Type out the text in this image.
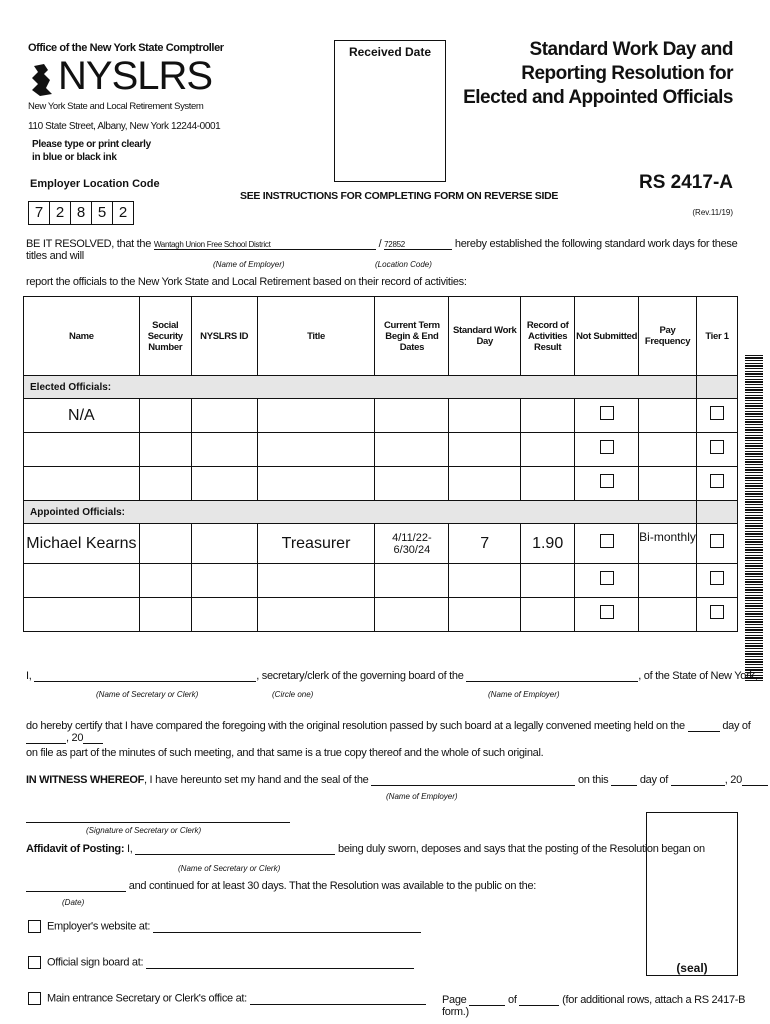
Office of the New York State Comptroller
NYSLRS
New York State and Local Retirement System
110 State Street, Albany, New York 12244-0001
Please type or print clearly
in blue or black ink
Received Date	Standard Work Day and
Reporting Resolution for
Elected and Appointed Officials
RS 2417-A
(Rev.11/19)
Employer Location Code
7 2 8 5 2
SEE INSTRUCTIONS FOR COMPLETING FORM ON REVERSE SIDE
BE IT RESOLVED, that the Wantagh Union Free School District	/ 72852	hereby established the following standard work days for these titles and will
(Name of Employer)	(Location Code)
report the officials to the New York State and Local Retirement based on their record of activities:
Name	Social Security Number	NYSLRS ID	Title	Current Term Begin & End Dates	Standard Work Day	Record of Activities Result	Not Submitted	Pay Frequency	Tier 1
Elected Officials:									
N/A									

Appointed Officials:									
Michael Kearns			Treasurer	4/11/22-6/30/24	7	1.90		Bi-monthly	

I,	, secretary/clerk of the governing board of the	, of the State of New York,
(Name of Secretary or Clerk)	(Circle one)	(Name of Employer)
do hereby certify that I have compared the foregoing with the original resolution passed by such board at a legally convened meeting held on the	day of , 20
on file as part of the minutes of such meeting, and that same is a true copy thereof and the whole of such original.
IN WITNESS WHEREOF, I have hereunto set my hand and the seal of the	on this	day of	, 20
(Name of Employer)
(Signature of Secretary or Clerk)
Affidavit of Posting: I,	being duly sworn, deposes and says that the posting of the Resolution began on
(Name of Secretary or Clerk)
and continued for at least 30 days. That the Resolution was available to the public on the:
(Date)
Employer's website at:
Official sign board at:
Main entrance Secretary or Clerk's office at:
(seal)
Page	of	(for additional rows, attach a RS 2417-B form.)
